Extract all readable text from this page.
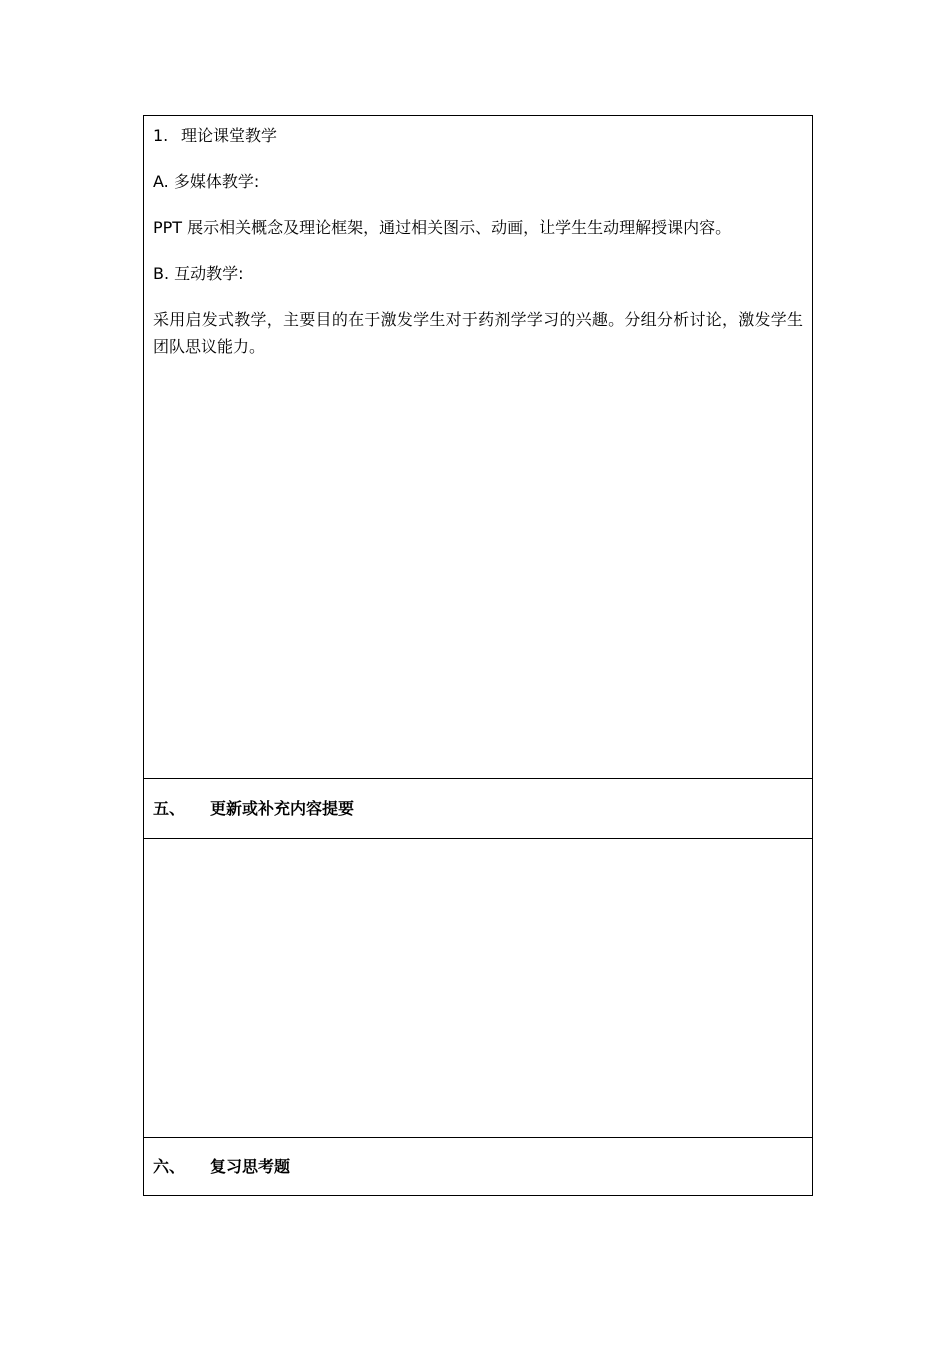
1. 理论课堂教学

A. 多媒体教学:

PPT 展示相关概念及理论框架，通过相关图示、动画，让学生生动理解授课内容。

B. 互动教学:

采用启发式教学，主要目的在于激发学生对于药剂学学习的兴趣。分组分析讨论，激发学生团队思议能力。

五、 更新或补充内容提要
六、 复习思考题
